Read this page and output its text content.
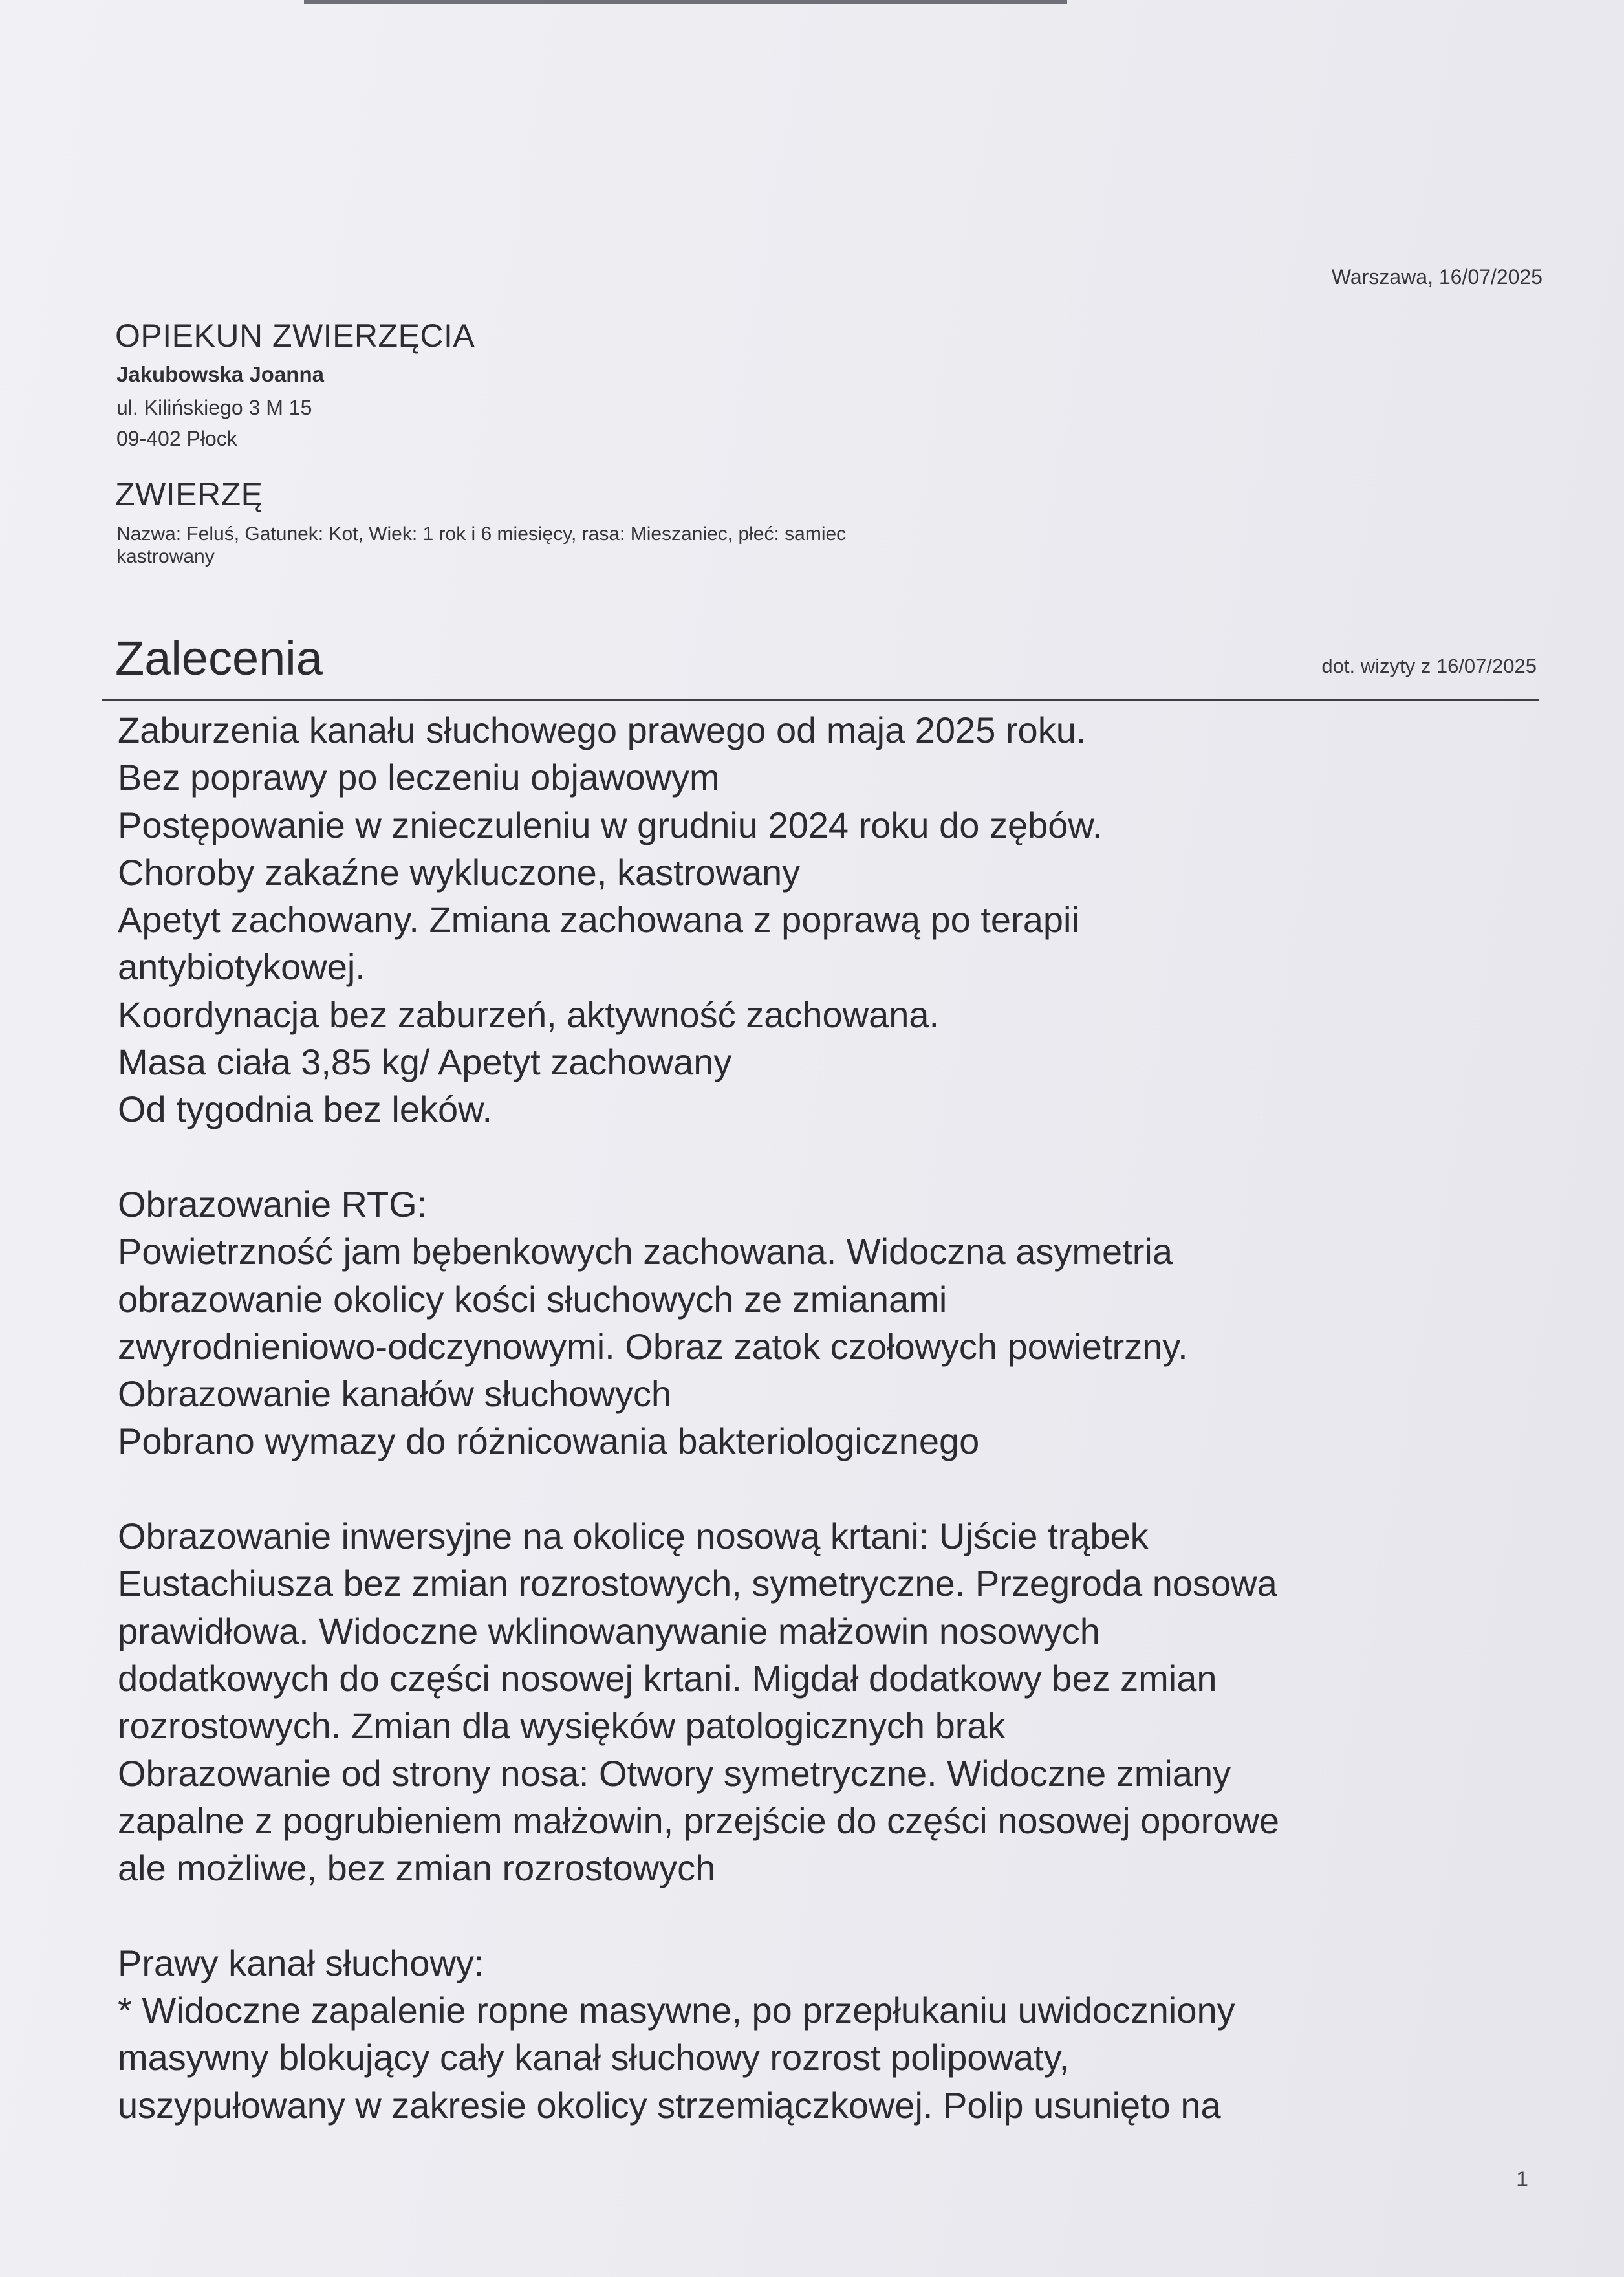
Warszawa, 16/07/2025
OPIEKUN ZWIERZĘCIA
Jakubowska Joanna
ul. Kilińskiego 3 M 15
09-402 Płock
ZWIERZĘ
Nazwa: Feluś, Gatunek: Kot, Wiek: 1 rok i 6 miesięcy, rasa: Mieszaniec, płeć: samiec
kastrowany
Zalecenia	dot. wizyty z 16/07/2025
Zaburzenia kanału słuchowego prawego od maja 2025 roku.
Bez poprawy po leczeniu objawowym
Postępowanie w znieczuleniu w grudniu 2024 roku do zębów.
Choroby zakaźne wykluczone, kastrowany
Apetyt zachowany. Zmiana zachowana z poprawą po terapii
antybiotykowej.
Koordynacja bez zaburzeń, aktywność zachowana.
Masa ciała 3,85 kg/ Apetyt zachowany
Od tygodnia bez leków.
Obrazowanie RTG:
Powietrzność jam bębenkowych zachowana. Widoczna asymetria
obrazowanie okolicy kości słuchowych ze zmianami
zwyrodnieniowo-odczynowymi. Obraz zatok czołowych powietrzny.
Obrazowanie kanałów słuchowych
Pobrano wymazy do różnicowania bakteriologicznego
Obrazowanie inwersyjne na okolicę nosową krtani: Ujście trąbek
Eustachiusza bez zmian rozrostowych, symetryczne. Przegroda nosowa
prawidłowa. Widoczne wklinowanywanie małżowin nosowych
dodatkowych do części nosowej krtani. Migdał dodatkowy bez zmian
rozrostowych. Zmian dla wysięków patologicznych brak
Obrazowanie od strony nosa: Otwory symetryczne. Widoczne zmiany
zapalne z pogrubieniem małżowin, przejście do części nosowej oporowe
ale możliwe, bez zmian rozrostowych
Prawy kanał słuchowy:
* Widoczne zapalenie ropne masywne, po przepłukaniu uwidoczniony
masywny blokujący cały kanał słuchowy rozrost polipowaty,
uszypułowany w zakresie okolicy strzemiączkowej. Polip usunięto na
1
